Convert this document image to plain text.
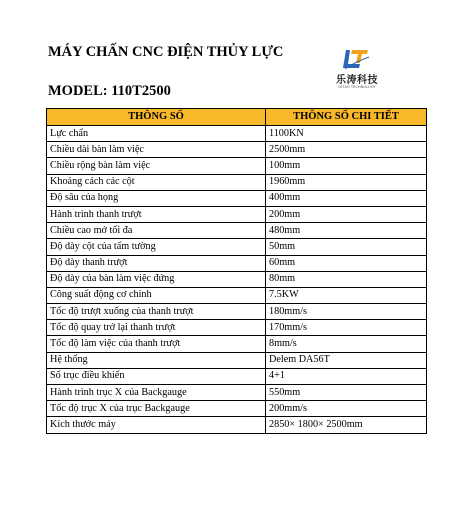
MÁY CHẤN CNC ĐIỆN THỦY LỰC
MODEL: 110T2500
乐涛科技
LETAO TECHNOLOGY
THÔNG SỐ	THÔNG SỐ CHI TIẾT
Lực chấn	1100KN
Chiều dài bàn làm việc	2500mm
Chiều rộng bàn làm việc	100mm
Khoảng cách các cột	1960mm
Độ sâu của họng	400mm
Hành trình thanh trượt	200mm
Chiều cao mở tối đa	480mm
Độ dày cột của tấm tường	50mm
Độ dày thanh trượt	60mm
Độ dày của bàn làm việc đứng	80mm
Công suất động cơ chính	7.5KW
Tốc độ trượt xuống của thanh trượt	180mm/s
Tốc độ quay trở lại thanh trượt	170mm/s
Tốc độ làm việc của thanh trượt	8mm/s
Hệ thống	Delem DA56T
Số trục điều khiển	4+1
Hành trình trục X của Backgauge	550mm
Tốc độ trục X của trục Backgauge	200mm/s
Kích thước máy	2850× 1800× 2500mm
